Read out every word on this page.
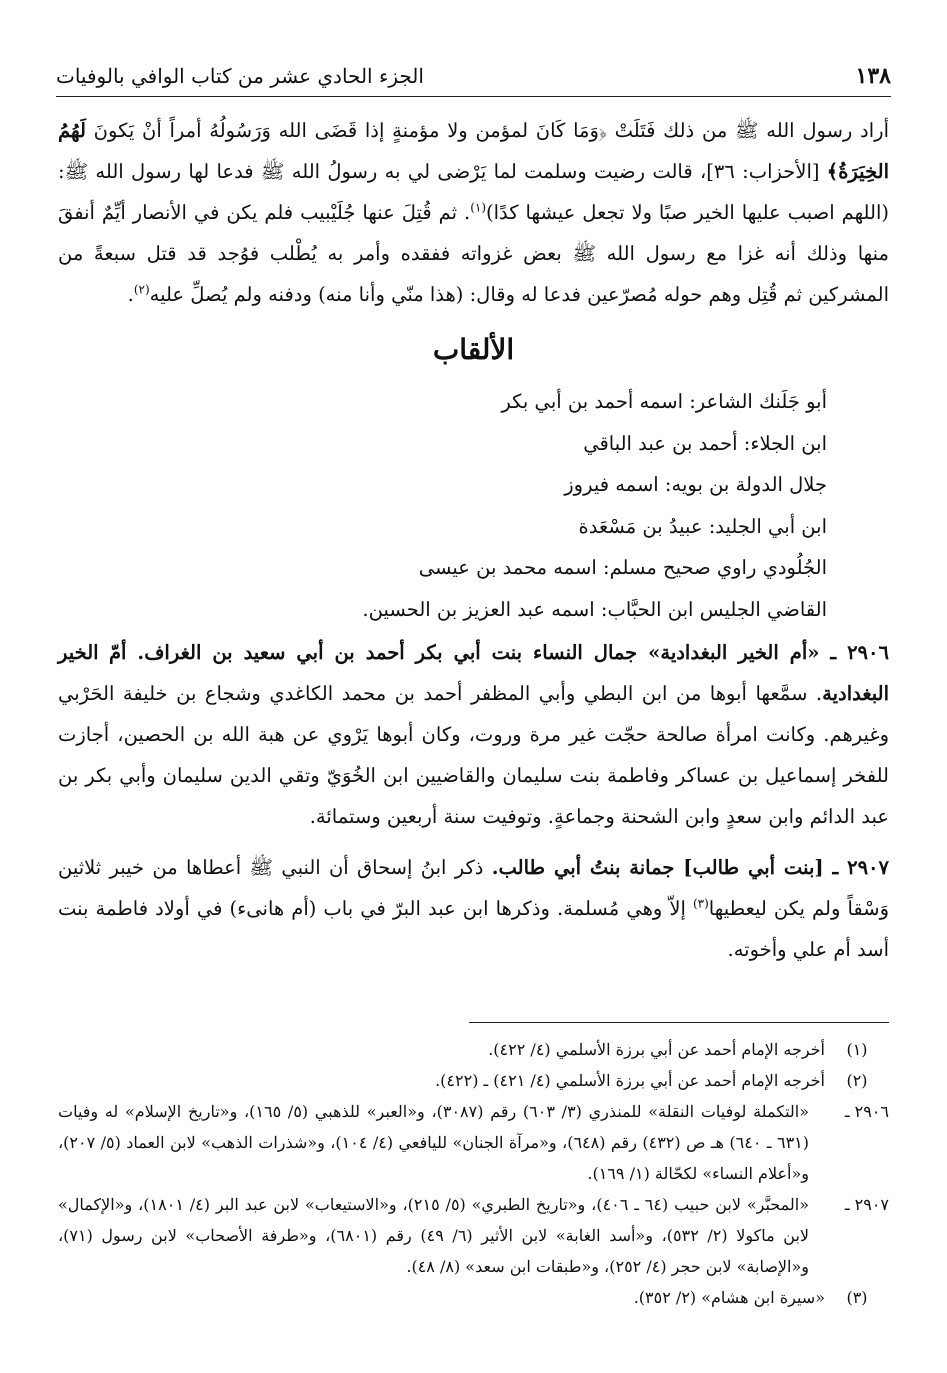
١٣٨
الجزء الحادي عشر من كتاب الوافي بالوفيات

أراد رسول الله ﷺ من ذلك فَتَلَتْ ﴿وَمَا كَانَ لمؤمن ولا مؤمنةٍ إذا قَضَى الله وَرَسُولُهُ أمراً أنْ يَكونَ لَهُمُ الخِيَرَةُ﴾ [الأحزاب: ٣٦]، قالت رضيت وسلمت لما يَرْضى لي به رسولُ الله ﷺ فدعا لها رسول الله ﷺ: (اللهم اصبب عليها الخير صبًا ولا تجعل عيشها كدًا)$^{(١)}$. ثم قُتِلَ عنها جُلَيْبيب فلم يكن في الأنصار أيِّمٌ أنفقَ منها وذلك أنه غزا مع رسول الله ﷺ بعض غزواته ففقده وأمر به يُطْلب فوُجد قد قتل سبعةً من المشركين ثم قُتِل وهم حوله مُصرّعين فدعا له وقال: (هذا منّي وأنا منه) ودفنه ولم يُصلِّ عليه$^{(٢)}$.

الألقاب
أبو جَلَنك الشاعر: اسمه أحمد بن أبي بكر
ابن الجلاء: أحمد بن عبد الباقي
جلال الدولة بن بويه: اسمه فيروز
ابن أبي الجليد: عبيدُ بن مَسْعَدة
الجُلُودي راوي صحيح مسلم: اسمه محمد بن عيسى
القاضي الجليس ابن الحبَّاب: اسمه عبد العزيز بن الحسين.

٢٩٠٦ ـ «أم الخير البغدادية» جمال النساء بنت أبي بكر أحمد بن أبي سعيد بن الغراف. أمّ الخير البغدادية. سمَّعها أبوها من ابن البطي وأبي المظفر أحمد بن محمد الكاغدي وشجاع بن خليفة الحَرْبي وغيرهم. وكانت امرأة صالحة حجّت غير مرة وروت، وكان أبوها يَرْوي عن هبة الله بن الحصين، أجازت للفخر إسماعيل بن عساكر وفاطمة بنت سليمان والقاضيين ابن الخُوَيّ وتقي الدين سليمان وأبي بكر بن عبد الدائم وابن سعدٍ وابن الشحنة وجماعةٍ. وتوفيت سنة أربعين وستمائة.

٢٩٠٧ ـ [بنت أبي طالب] جمانة بنتُ أبي طالب. ذكر ابنُ إسحاق أن النبي ﷺ أعطاها من خيبر ثلاثين وَسْقاً ولم يكن ليعطيها$^{(٣)}$ إلاّ وهي مُسلمة. وذكرها ابن عبد البرّ في باب (أم هانىء) في أولاد فاطمة بنت أسد أم علي وأخوته.

(١)
أخرجه الإمام أحمد عن أبي برزة الأسلمي (٤/ ٤٢٢).
(٢)
أخرجه الإمام أحمد عن أبي برزة الأسلمي (٤/ ٤٢١) ـ (٤٢٢).
٢٩٠٦ ـ
«التكملة لوفيات النقلة» للمنذري (٣/ ٦٠٣) رقم (٣٠٨٧)، و«العبر» للذهبي (٥/ ١٦٥)، و«تاريخ الإسلام» له وفيات (٦٣١ ـ ٦٤٠) هـ ص (٤٣٢) رقم (٦٤٨)، و«مرآة الجنان» لليافعي (٤/ ١٠٤)، و«شذرات الذهب» لابن العماد (٥/ ٢٠٧)، و«أعلام النساء» لكحّالة (١/ ١٦٩).
٢٩٠٧ ـ
«المحبَّر» لابن حبيب (٦٤ ـ ٤٠٦)، و«تاريخ الطبري» (٥/ ٢١٥)، و«الاستيعاب» لابن عبد البر (٤/ ١٨٠١)، و«الإكمال» لابن ماكولا (٢/ ٥٣٢)، و«أسد الغابة» لابن الأثير (٦/ ٤٩) رقم (٦٨٠١)، و«طرفة الأصحاب» لابن رسول (٧١)، و«الإصابة» لابن حجر (٤/ ٢٥٢)، و«طبقات ابن سعد» (٨/ ٤٨).
(٣)
«سيرة ابن هشام» (٢/ ٣٥٢).
